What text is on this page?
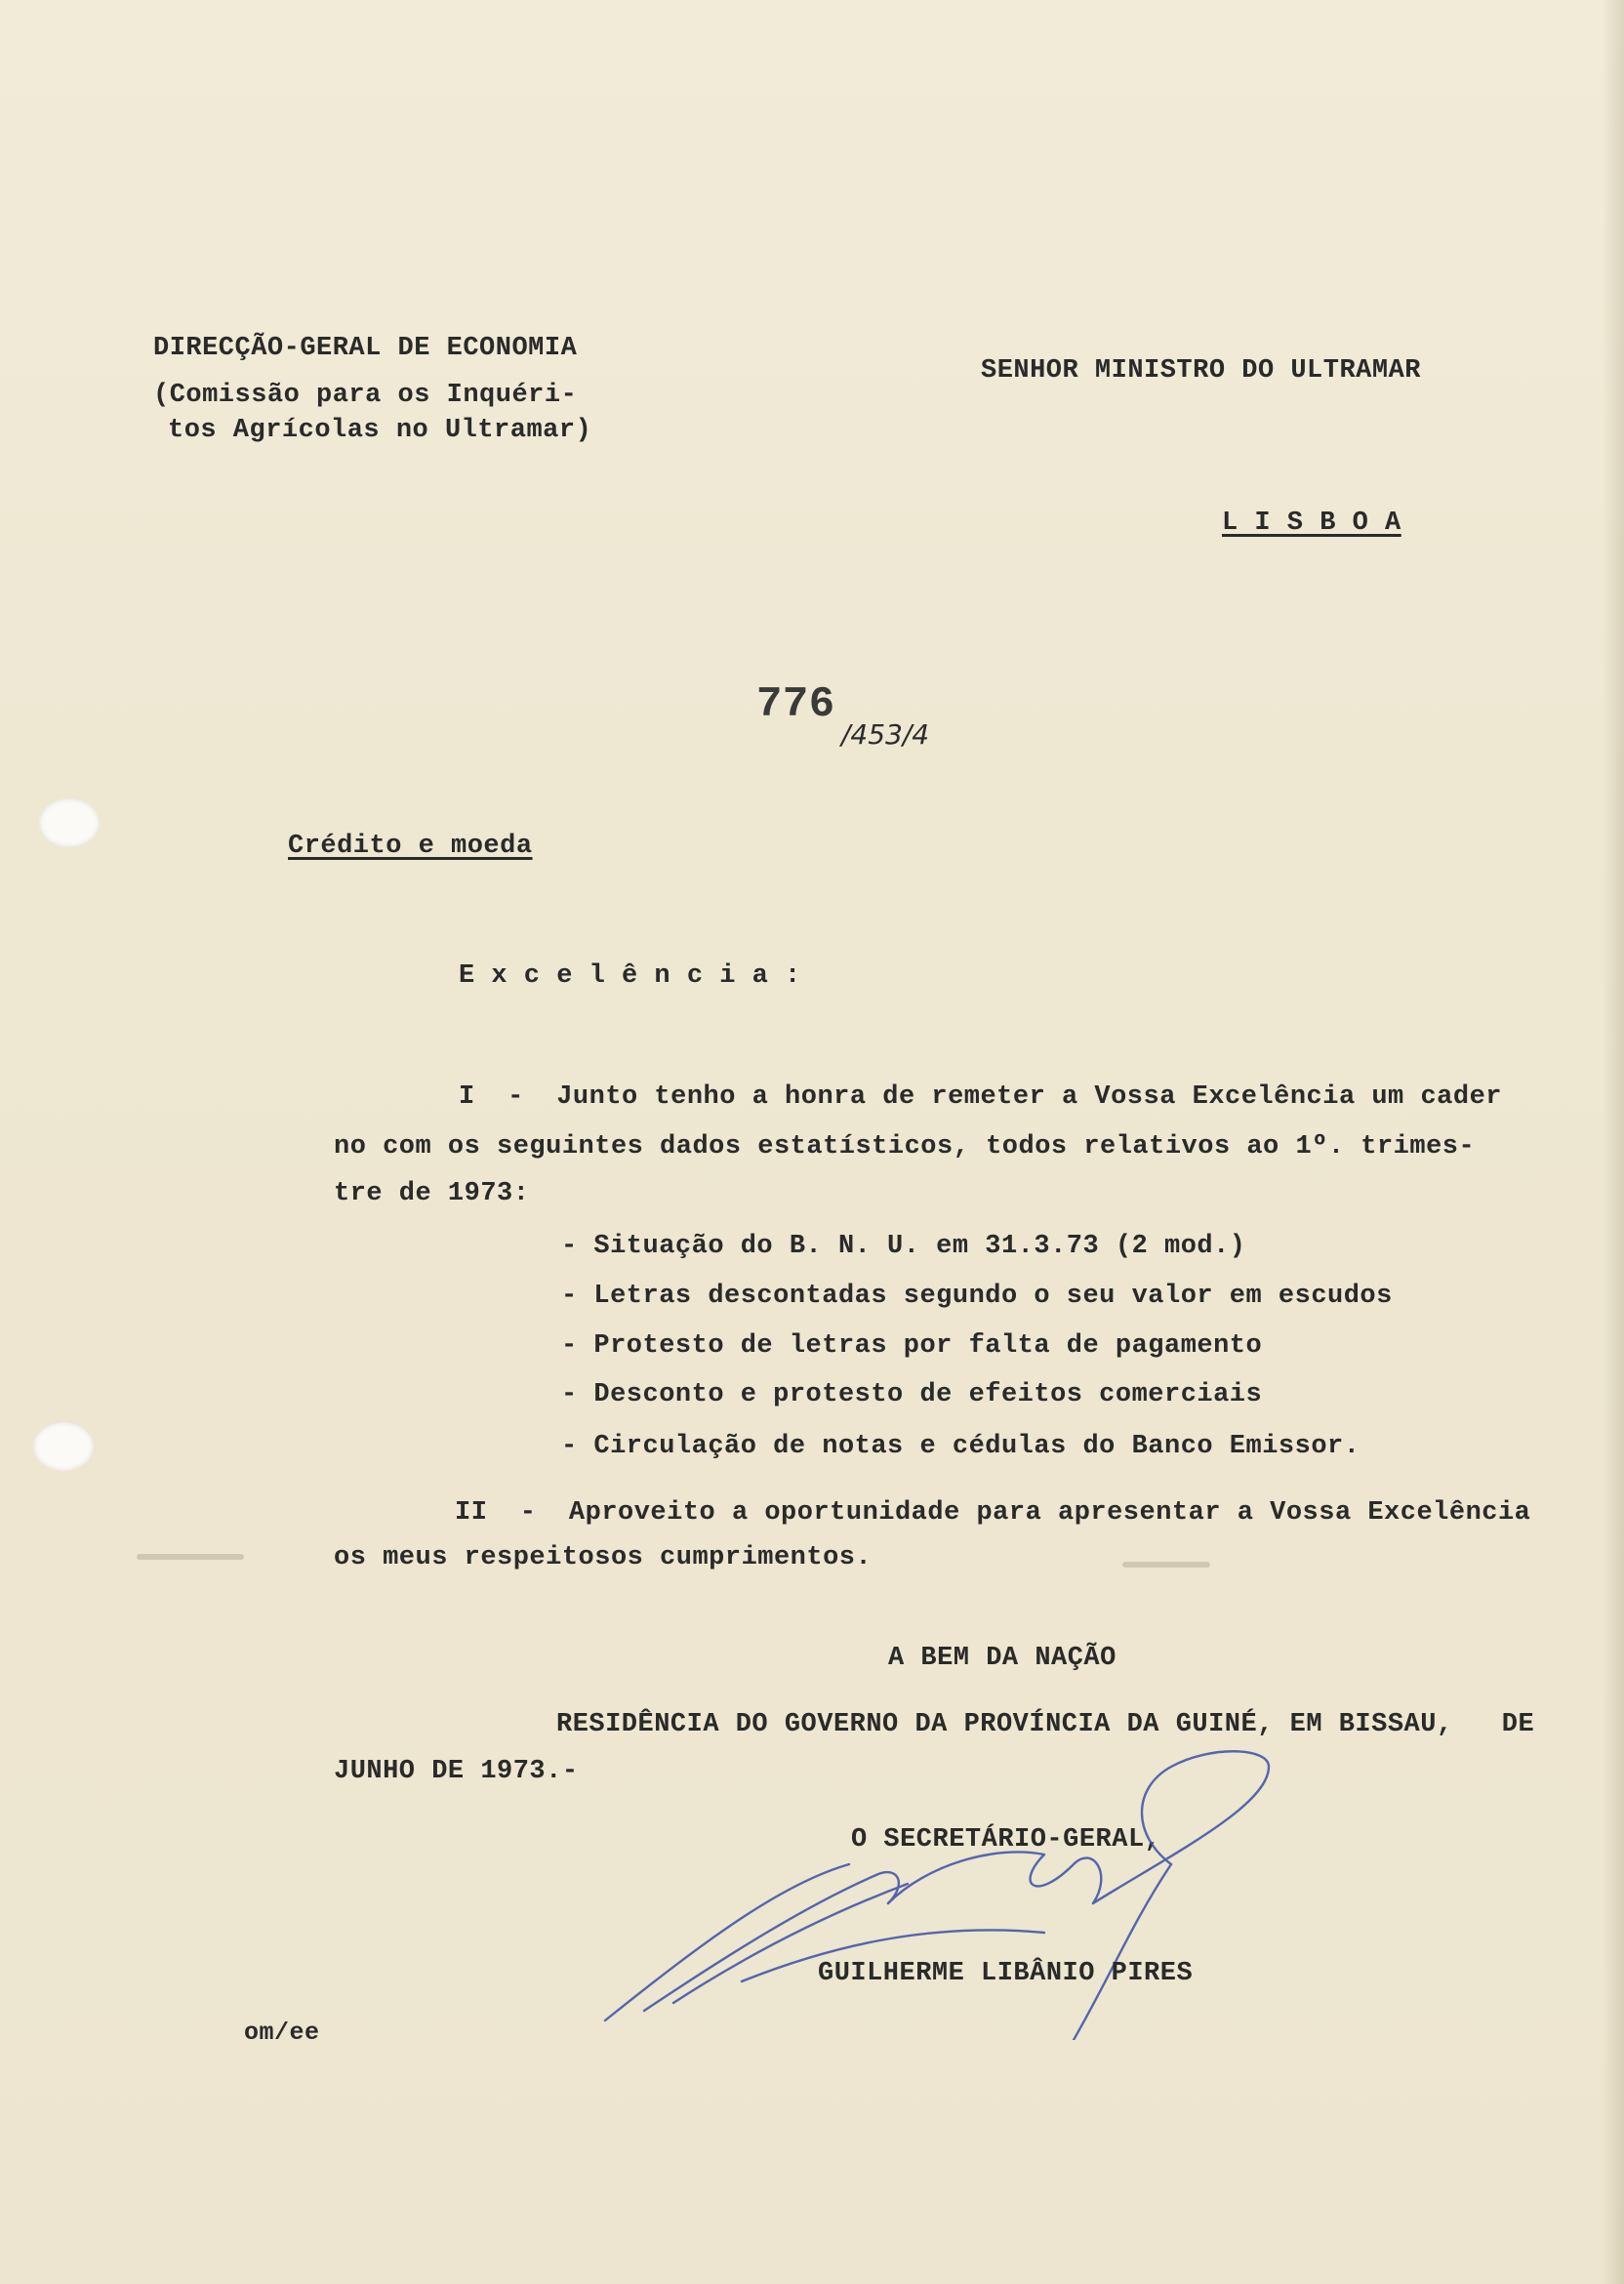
DIRECÇÃO-GERAL DE ECONOMIA
(Comissão para os Inquéri-
tos Agrícolas no Ultramar)
SENHOR MINISTRO DO ULTRAMAR
L I S B O A
776
/453/4
Crédito e moeda
E x c e l ê n c i a :
I  -  Junto tenho a honra de remeter a Vossa Excelência um cader
no com os seguintes dados estatísticos, todos relativos ao 1º. trimes-
tre de 1973:
- Situação do B. N. U. em 31.3.73 (2 mod.)
- Letras descontadas segundo o seu valor em escudos
- Protesto de letras por falta de pagamento
- Desconto e protesto de efeitos comerciais
- Circulação de notas e cédulas do Banco Emissor.
II  -  Aproveito a oportunidade para apresentar a Vossa Excelência
os meus respeitosos cumprimentos.
A BEM DA NAÇÃO
RESIDÊNCIA DO GOVERNO DA PROVÍNCIA DA GUINÉ, EM BISSAU,   DE
JUNHO DE 1973.-
O SECRETÁRIO-GERAL,
GUILHERME LIBÂNIO PIRES
om/ee
